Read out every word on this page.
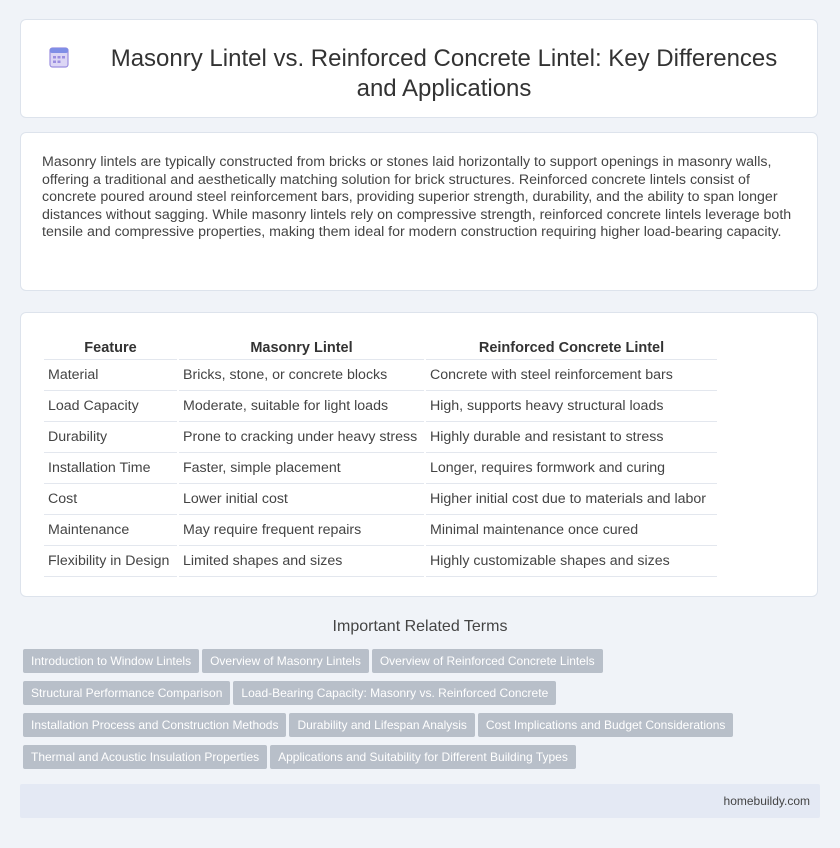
Masonry Lintel vs. Reinforced Concrete Lintel: Key Differences and Applications

Masonry lintels are typically constructed from bricks or stones laid horizontally to support openings in masonry walls, offering a traditional and aesthetically matching solution for brick structures. Reinforced concrete lintels consist of concrete poured around steel reinforcement bars, providing superior strength, durability, and the ability to span longer distances without sagging. While masonry lintels rely on compressive strength, reinforced concrete lintels leverage both tensile and compressive properties, making them ideal for modern construction requiring higher load-bearing capacity.

Feature	Masonry Lintel	Reinforced Concrete Lintel
Material	Bricks, stone, or concrete blocks	Concrete with steel reinforcement bars
Load Capacity	Moderate, suitable for light loads	High, supports heavy structural loads
Durability	Prone to cracking under heavy stress	Highly durable and resistant to stress
Installation Time	Faster, simple placement	Longer, requires formwork and curing
Cost	Lower initial cost	Higher initial cost due to materials and labor
Maintenance	May require frequent repairs	Minimal maintenance once cured
Flexibility in Design	Limited shapes and sizes	Highly customizable shapes and sizes
Important Related Terms
Introduction to Window Lintels Overview of Masonry Lintels Overview of Reinforced Concrete Lintels
Structural Performance Comparison Load-Bearing Capacity: Masonry vs. Reinforced Concrete
Installation Process and Construction Methods Durability and Lifespan Analysis Cost Implications and Budget Considerations
Thermal and Acoustic Insulation Properties Applications and Suitability for Different Building Types
homebuildy.com
